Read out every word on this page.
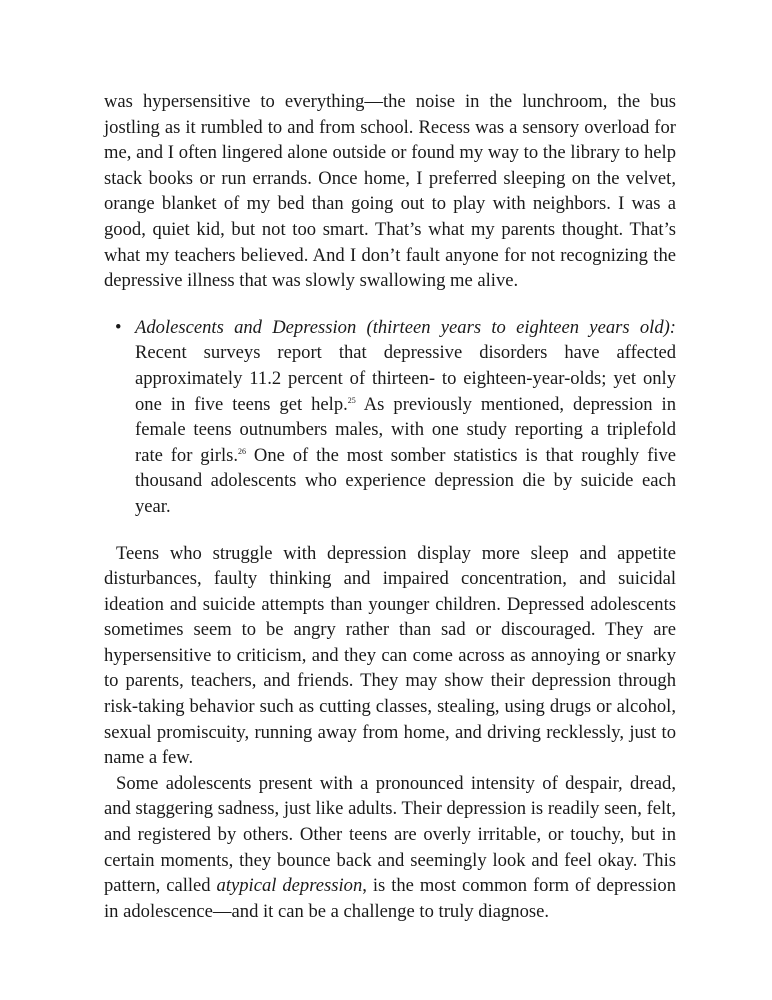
was hypersensitive to everything—the noise in the lunchroom, the bus jostling as it rumbled to and from school. Recess was a sensory overload for me, and I often lingered alone outside or found my way to the library to help stack books or run errands. Once home, I preferred sleeping on the velvet, orange blanket of my bed than going out to play with neighbors. I was a good, quiet kid, but not too smart. That’s what my parents thought. That’s what my teachers believed. And I don’t fault anyone for not recognizing the depressive illness that was slowly swallowing me alive.

• Adolescents and Depression (thirteen years to eighteen years old): Recent surveys report that depressive disorders have affected approximately 11.2 percent of thirteen- to eighteen-year-olds; yet only one in five teens get help.$^{25}$ As previously mentioned, depression in female teens outnumbers males, with one study reporting a triplefold rate for girls.$^{26}$ One of the most somber statistics is that roughly five thousand adolescents who experience depression die by suicide each year.

Teens who struggle with depression display more sleep and appetite disturbances, faulty thinking and impaired concentration, and suicidal ideation and suicide attempts than younger children. Depressed adolescents sometimes seem to be angry rather than sad or discouraged. They are hypersensitive to criticism, and they can come across as annoying or snarky to parents, teachers, and friends. They may show their depression through risk-taking behavior such as cutting classes, stealing, using drugs or alcohol, sexual promiscuity, running away from home, and driving recklessly, just to name a few.

Some adolescents present with a pronounced intensity of despair, dread, and staggering sadness, just like adults. Their depression is readily seen, felt, and registered by others. Other teens are overly irritable, or touchy, but in certain moments, they bounce back and seemingly look and feel okay. This pattern, called atypical depression, is the most common form of depression in adolescence—and it can be a challenge to truly diagnose.
